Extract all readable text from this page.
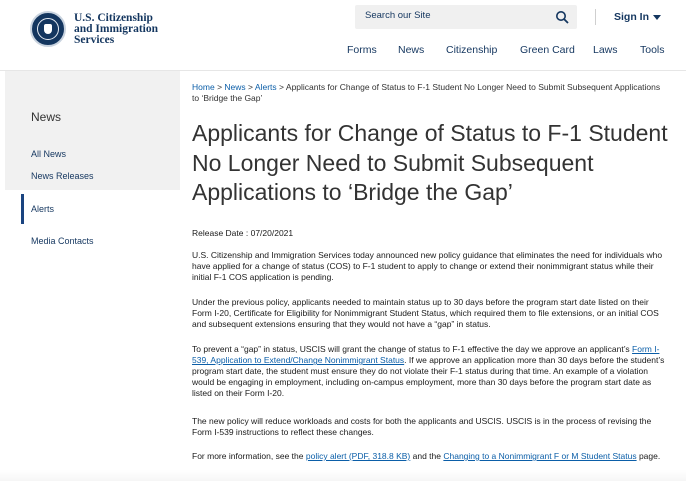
U.S. Citizenship
and Immigration
Services
Search our Site	Sign In
Forms News Citizenship Green Card Laws Tools
News
All News
News Releases
Alerts
Media Contacts
Home > News > Alerts > Applicants for Change of Status to F-1 Student No Longer Need to Submit Subsequent Applications to ‘Bridge the Gap’
Applicants for Change of Status to F-1 Student No Longer Need to Submit Subsequent Applications to ‘Bridge the Gap’
Release Date : 07/20/2021

U.S. Citizenship and Immigration Services today announced new policy guidance that eliminates the need for individuals who have applied for a change of status (COS) to F-1 student to apply to change or extend their nonimmigrant status while their initial F-1 COS application is pending.

Under the previous policy, applicants needed to maintain status up to 30 days before the program start date listed on their Form I-20, Certificate for Eligibility for Nonimmigrant Student Status, which required them to file extensions, or an initial COS and subsequent extensions ensuring that they would not have a “gap” in status.

To prevent a “gap” in status, USCIS will grant the change of status to F-1 effective the day we approve an applicant’s Form I-539, Application to Extend/Change Nonimmigrant Status. If we approve an application more than 30 days before the student’s program start date, the student must ensure they do not violate their F-1 status during that time. An example of a violation would be engaging in employment, including on-campus employment, more than 30 days before the program start date as listed on their Form I-20.

The new policy will reduce workloads and costs for both the applicants and USCIS. USCIS is in the process of revising the Form I-539 instructions to reflect these changes.

For more information, see the policy alert (PDF, 318.8 KB) and the Changing to a Nonimmigrant F or M Student Status page.
